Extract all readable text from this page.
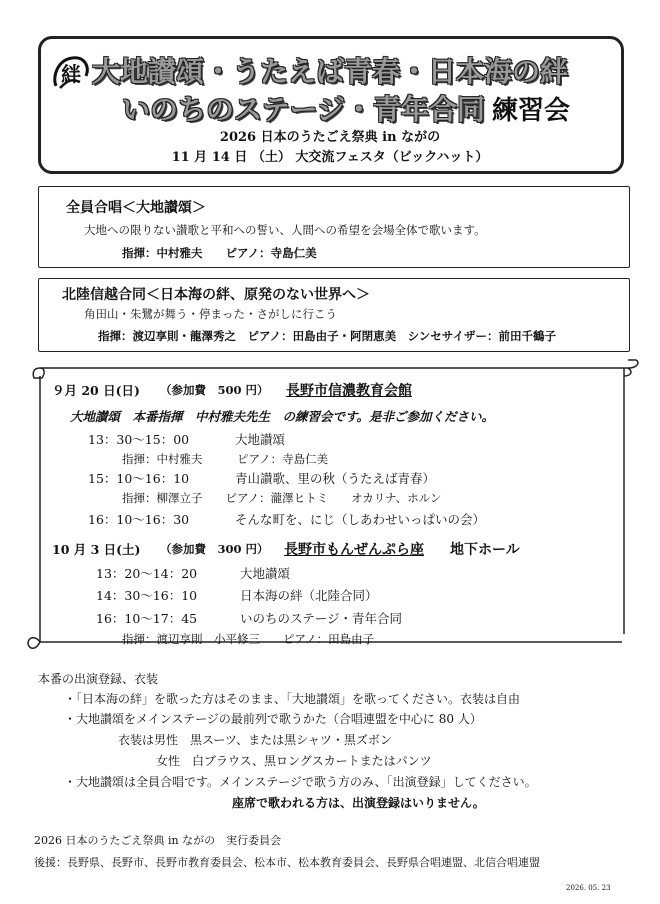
絆 大地讃頌・うたえば青春・日本海の絆
いのちのステージ・青年合同 練習会
2026 日本のうたごえ祭典 in ながの
11 月 14 日 （土） 大交流フェスタ（ビックハット）
全員合唱＜大地讃頌＞
大地への限りない讃歌と平和への誓い、人間への希望を会場全体で歌います。
指揮：中村雅夫　　ピアノ：寺島仁美
北陸信越合同＜日本海の絆、原発のない世界へ＞
角田山・朱鷺が舞う・停まった・さがしに行こう
指揮：渡辺享則・龍澤秀之　ピアノ：田島由子・阿閉恵美　シンセサイザー：前田千鶴子
９月 20 日(日) （参加費　500 円） 長野市信濃教育会館
大地讃頌　本番指揮　中村雅夫先生　の練習会です。是非ご参加ください。
13：30～15：00	大地讃頌
指揮：中村雅夫　　　ピアノ：寺島仁美
15：10～16：10	青山讃歌、里の秋（うたえば青春）
指揮：柳澤立子　　ピアノ：瀧澤ヒトミ　　オカリナ、ホルン
16：10～16：30	そんな町を、にじ（しあわせいっぱいの会）
10 月 3 日(土) （参加費　300 円） 長野市もんぜんぷら座 地下ホール
13：20～14：20	大地讃頌
14：30～16：10	日本海の絆（北陸合同）
16：10～17：45	いのちのステージ・青年合同
指揮：渡辺享則　小平修三　　ピアノ：田島由子
本番の出演登録、衣装
・「日本海の絆」を歌った方はそのまま、「大地讃頌」を歌ってください。衣装は自由
・大地讃頌をメインステージの最前列で歌うかた（合唱連盟を中心に 80 人）
衣装は男性　黒スーツ、または黒シャツ・黒ズボン
女性　白ブラウス、黒ロングスカートまたはパンツ
・大地讃頌は全員合唱です。メインステージで歌う方のみ、「出演登録」してください。
座席で歌われる方は、出演登録はいりません。
2026 日本のうたごえ祭典 in ながの　実行委員会
後援：長野県、長野市、長野市教育委員会、松本市、松本教育委員会、長野県合唱連盟、北信合唱連盟
2026. 05. 23
